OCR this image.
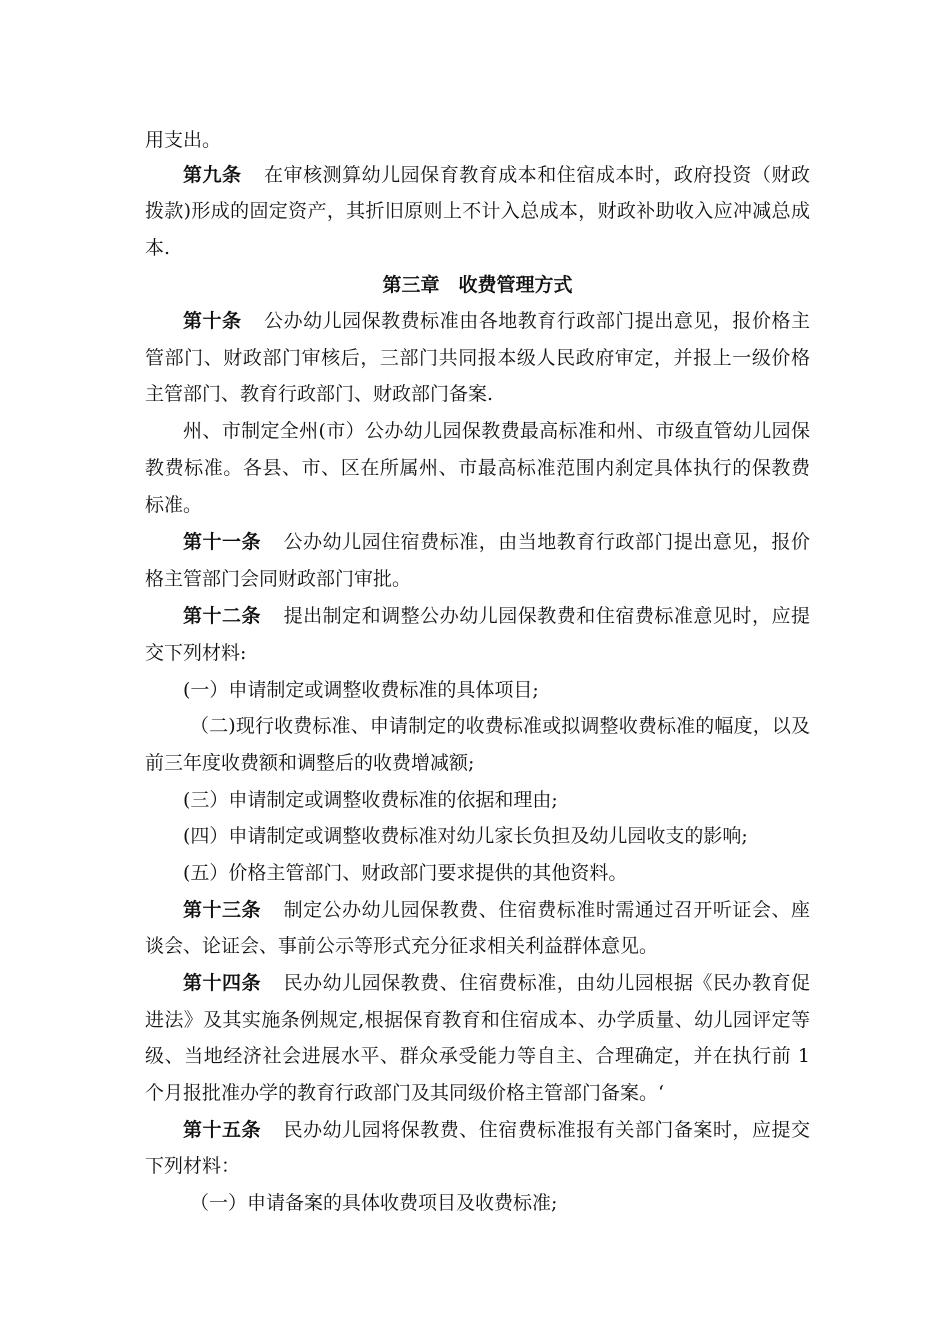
用支出。
第九条 在审核测算幼儿园保育教育成本和住宿成本时，政府投资（财政
拨款)形成的固定资产，其折旧原则上不计入总成本，财政补助收入应冲减总成
本.
第三章　收费管理方式
第十条 公办幼儿园保教费标准由各地教育行政部门提出意见，报价格主
管部门、财政部门审核后，三部门共同报本级人民政府审定，并报上一级价格
主管部门、教育行政部门、财政部门备案.
州、市制定全州(市）公办幼儿园保教费最高标准和州、市级直管幼儿园保
教费标准。各县、市、区在所属州、市最高标准范围内刹定具体执行的保教费
标准。
第十一条 公办幼儿园住宿费标准，由当地教育行政部门提出意见，报价
格主管部门会同财政部门审批。
第十二条 提出制定和调整公办幼儿园保教费和住宿费标准意见时，应提
交下列材料:
(一）申请制定或调整收费标准的具体项目;
（二)现行收费标准、申请制定的收费标准或拟调整收费标准的幅度，以及
前三年度收费额和调整后的收费增减额;
(三）申请制定或调整收费标准的依据和理由;
(四）申请制定或调整收费标准对幼儿家长负担及幼儿园收支的影响;
(五）价格主管部门、财政部门要求提供的其他资料。
第十三条 制定公办幼儿园保教费、住宿费标准时需通过召开听证会、座
谈会、论证会、事前公示等形式充分征求相关利益群体意见。
第十四条 民办幼儿园保教费、住宿费标准，由幼儿园根据《民办教育促
进法》及其实施条例规定,根据保育教育和住宿成本、办学质量、幼儿园评定等
级、当地经济社会进展水平、群众承受能力等自主、合理确定，并在执行前 1
个月报批准办学的教育行政部门及其同级价格主管部门备案。‘
第十五条 民办幼儿园将保教费、住宿费标准报有关部门备案时，应提交
下列材料：
（一）申请备案的具体收费项目及收费标准;
